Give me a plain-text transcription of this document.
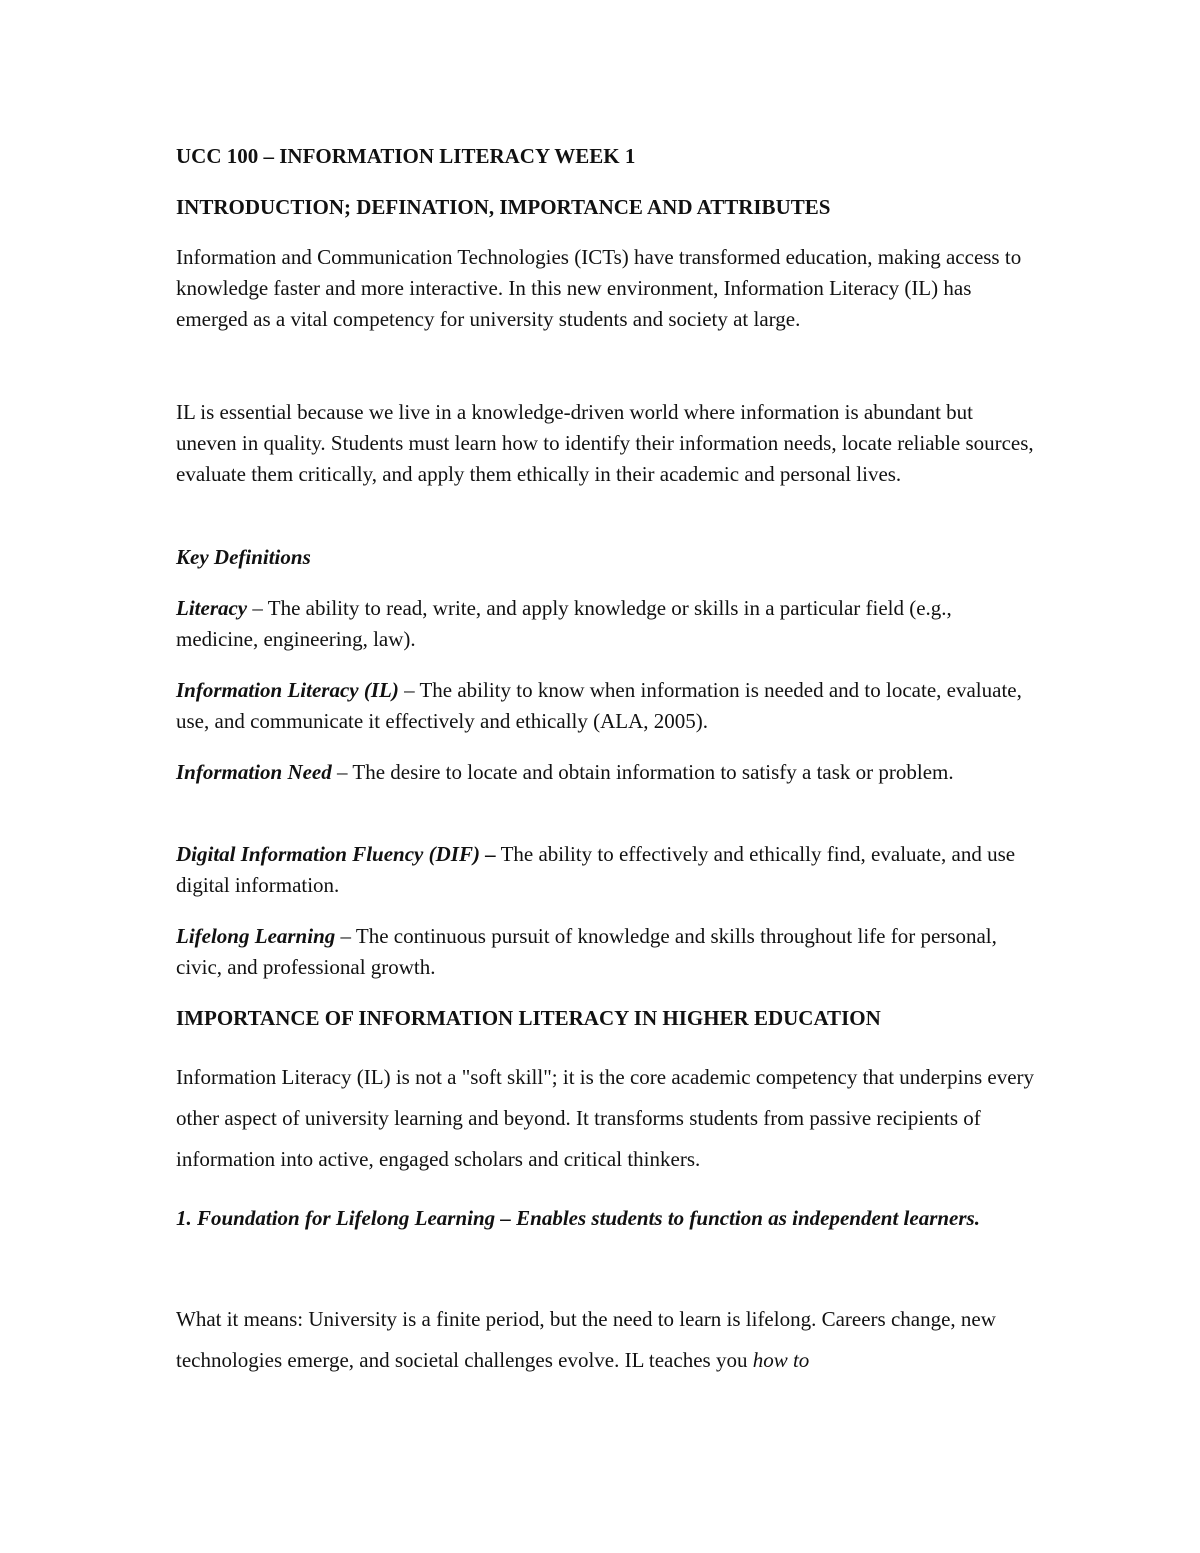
UCC 100 – INFORMATION LITERACY WEEK 1

INTRODUCTION; DEFINATION, IMPORTANCE AND ATTRIBUTES

Information and Communication Technologies (ICTs) have transformed education, making access to knowledge faster and more interactive. In this new environment, Information Literacy (IL) has emerged as a vital competency for university students and society at large.

IL is essential because we live in a knowledge-driven world where information is abundant but uneven in quality. Students must learn how to identify their information needs, locate reliable sources, evaluate them critically, and apply them ethically in their academic and personal lives.

Key Definitions

Literacy – The ability to read, write, and apply knowledge or skills in a particular field (e.g., medicine, engineering, law).

Information Literacy (IL) – The ability to know when information is needed and to locate, evaluate, use, and communicate it effectively and ethically (ALA, 2005).

Information Need – The desire to locate and obtain information to satisfy a task or problem.

Digital Information Fluency (DIF) – The ability to effectively and ethically find, evaluate, and use digital information.

Lifelong Learning – The continuous pursuit of knowledge and skills throughout life for personal, civic, and professional growth.

IMPORTANCE OF INFORMATION LITERACY IN HIGHER EDUCATION

Information Literacy (IL) is not a "soft skill"; it is the core academic competency that underpins every other aspect of university learning and beyond. It transforms students from passive recipients of information into active, engaged scholars and critical thinkers.

1. Foundation for Lifelong Learning – Enables students to function as independent learners.

What it means: University is a finite period, but the need to learn is lifelong. Careers change, new technologies emerge, and societal challenges evolve. IL teaches you how to
